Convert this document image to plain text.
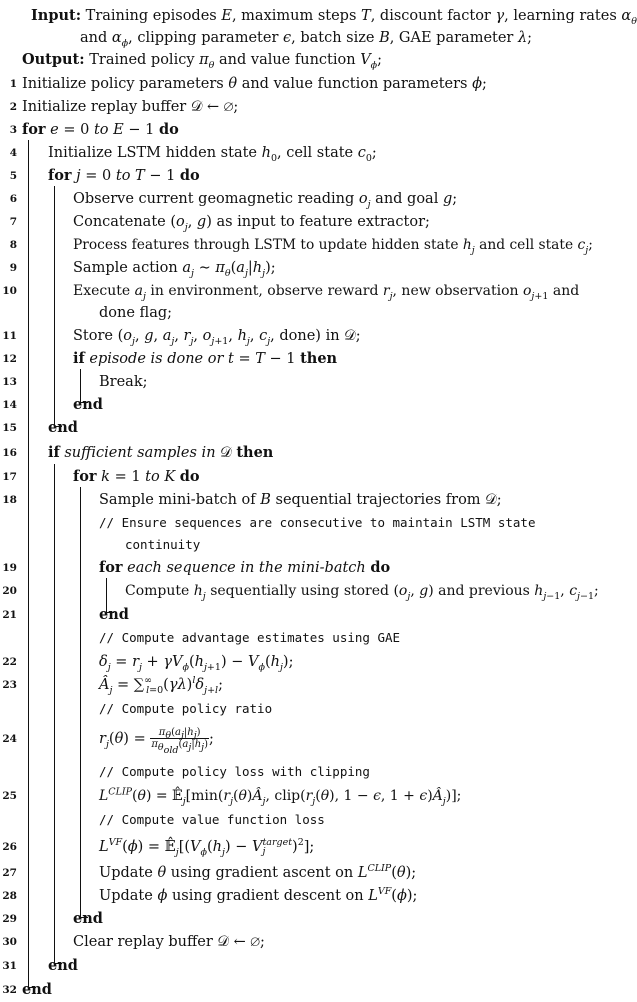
Input: Training episodes E, maximum steps T, discount factor γ, learning rates $\alpha_\theta$
and $\alpha_\phi$, clipping parameter ϵ, batch size B, GAE parameter λ;
Output: Trained policy $\pi_\theta$ and value function $V_\phi$;
1 Initialize policy parameters θ and value function parameters ϕ;
2 Initialize replay buffer 𝒟 ← ∅;
3 for e = 0 to E − 1 do
4 Initialize LSTM hidden state $h_0$, cell state $c_0$;
5 for j = 0 to T − 1 do
6	Observe current geomagnetic reading $o_j$ and goal g;
7	Concatenate ($o_j$, g) as input to feature extractor;
8	Process features through LSTM to update hidden state $h_j$ and cell state $c_j$;
9	Sample action $a_j$ ∼ $\pi_\theta(a_j|h_j)$;
10	Execute $a_j$ in environment, observe reward $r_j$, new observation $o_{j+1}$ and
done flag;
11	Store ($o_j$, g, $a_j$, $r_j$, $o_{j+1}$, $h_j$, $c_j$, done) in 𝒟;
12	if episode is done or t = T − 1 then
13	Break;
14	end
15 end
16 if sufficient samples in 𝒟 then
17	for k = 1 to K do
18	Sample mini-batch of B sequential trajectories from 𝒟;
// Ensure sequences are consecutive to maintain LSTM state
continuity
19	for each sequence in the mini-batch do
20	Compute $h_j$ sequentially using stored ($o_j$, g) and previous $h_{j-1}$, $c_{j-1}$;
21	end
// Compute advantage estimates using GAE
22	$\delta_j = r_j + \gamma V_\phi(h_{j+1}) - V_\phi(h_j)$;
23	$Â_j = \sum^\infty_{l=0}(\gamma\lambda)^l\delta_{j+l}$;
// Compute policy ratio
24	$r_j(\theta) = \pi_\theta(a_j|h_j)$
$\pi_{\theta_{old}}(a_j|h_j)$ ;
// Compute policy loss with clipping
25	$L^{CLIP}(\theta)$ = $𝔼̂_j[\min(r_j(\theta)Â_j$, $clip(r_j(\theta)$, 1 − ϵ, $1 + \epsilon)Â_j$)];
// Compute value function loss
26	$L^{VF}(\phi)$ = $𝔼̂_j[(V_\phi(h_j) - V$ target
j	)$^2$];
27	Update θ using gradient ascent on $L^{CLIP}(\theta)$;
28	Update ϕ using gradient descent on $L^{VF}(\phi)$;
29	end
30	Clear replay buffer 𝒟 ← ∅;
31 end
32 end
